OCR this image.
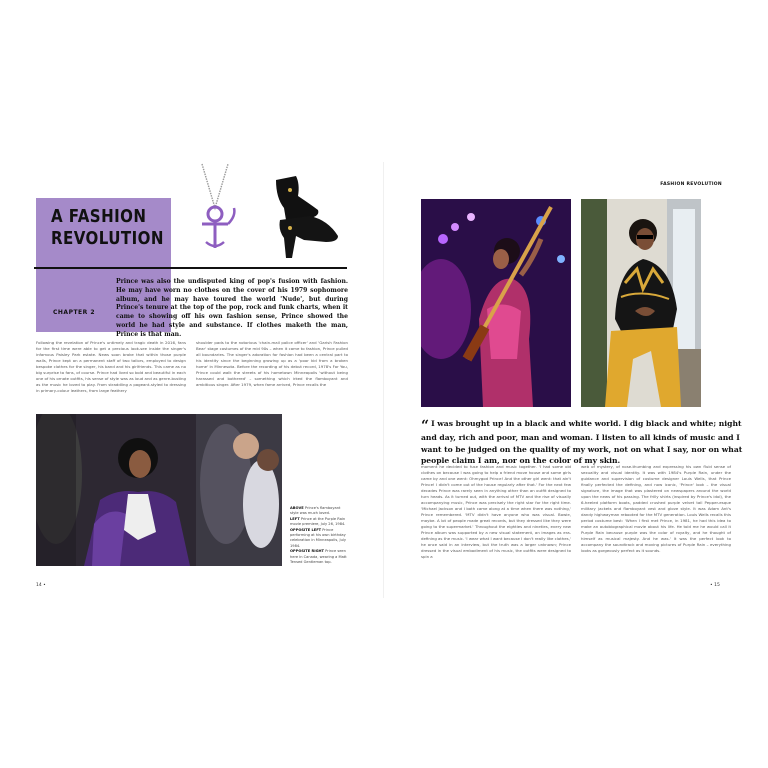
A FASHION REVOLUTION
CHAPTER 2
Prince was also the undisputed king of pop's fusion with fashion. He may have worn no clothes on the cover of his 1979 sophomore album, and he may have toured the world 'Nude', but during Prince's tenure at the top of the pop, rock and funk charts, when it came to showing off his own fashion sense, Prince showed the world he had style and substance. If clothes maketh the man, Prince is that man.
Following the revelation of Prince's untimely and tragic death in 2016, fans for the first time were able to get a precious look-see inside the singer's infamous Paisley Park estate. News soon broke that within those purple walls, Prince kept on a permanent staff of two tailors, employed to design bespoke clothes for the singer, his band and his girlfriends. This came as no big surprise to fans, of course. Prince had lived so bold and beautiful in each one of his ornate outfits, his sense of style was as loud and as genre-busting as the music he loved to play. From straddling a pageant-styled to dressing in primary-colour leathers, from large feathery
shoulder pads to the notorious 'chain-mail police officer' and 'Garish Fashion Bear' stage costumes of the mid 90s – when it came to fashion, Prince pulled all boundaries. The singer's adoration for fashion had been a central part to his identity since the beginning growing up as a 'poor kid from a broken home' in Minnesota. Before the recording of his debut record, 1978's For You, Prince could walk the streets of his hometown Minneapolis 'without being harassed and bothered' – something which irked the flamboyant and ambitious singer. After 1979, when fame arrived, Prince recalls the
ABOVE Prince's flamboyant style was much loved.
LEFT Prince at the Purple Rain movie premiere, July 26, 1984.
OPPOSITE LEFT Prince performing at his own birthday celebration in Minneapolis, July 1984.
OPPOSITE RIGHT Prince seen here in Canada, wearing a Matt Tensed Gentleman top.
14 •
FASHION REVOLUTION
“ I was brought up in a black and white world. I dig black and white; night and day, rich and poor, man and woman. I listen to all kinds of music and I want to be judged on the quality of my work, not on what I say, nor on what people claim I am, nor on the color of my skin.
moment he decided to fuse fashion and music together. 'I had some old clothes on because I was going to help a friend move house and some girls came by and one went: Ohmygod Prince! And the other girl went: that ain't Prince! I didn't come out of the house regularly after that.' For the next few decades Prince was rarely seen in anything other than an outfit designed to turn heads. As it turned out, with the arrival of MTV and the rise of visually accompanying music, Prince was precisely the right star for the right time. 'Michael Jackson and I both came along at a time when there was nothing,' Prince remembered. 'MTV didn't have anyone who was visual. Bowie, maybe. A lot of people made great records, but they dressed like they were going to the supermarket.' Throughout the eighties and nineties, every new Prince album was supported by a new visual statement, an images as era-defining as the music. 'I wear what I want because I don't really like clothes,' he once said in an interview, but the truth was a larger unknown; Prince dressed in the visual embodiment of his music, the outfits were designed to spin a
web of mystery, of nose-thumbing and expressing his own fluid sense of sexuality and visual identity. It was with 1984's Purple Rain, under the guidance and supervision of costume designer Louis Wells, that Prince finally perfected the defining, and now iconic, 'Prince' look – the visual signature, the image that was plastered on newspapers around the world upon the news of his passing. The frilly shirts (inspired by Prince's idol), the 6-heeled platform boots, padded crushed purple velvet tail Pepper-esque military jackets and flamboyant vest and glove style. It was Adam Ant's dandy highwayman rebooted for the MTV generation. Louis Wells recalls this period costume best: 'When I first met Prince, in 1981, he had this idea to make an autobiographical movie about his life. He told me he would call it Purple Rain because purple was the color of royalty, and he thought of himself as musical majesty. And he was.' It was the perfect look to accompany the soundtrack and moving pictures of Purple Rain – everything looks as gorgeously perfect as it sounds.
• 15
